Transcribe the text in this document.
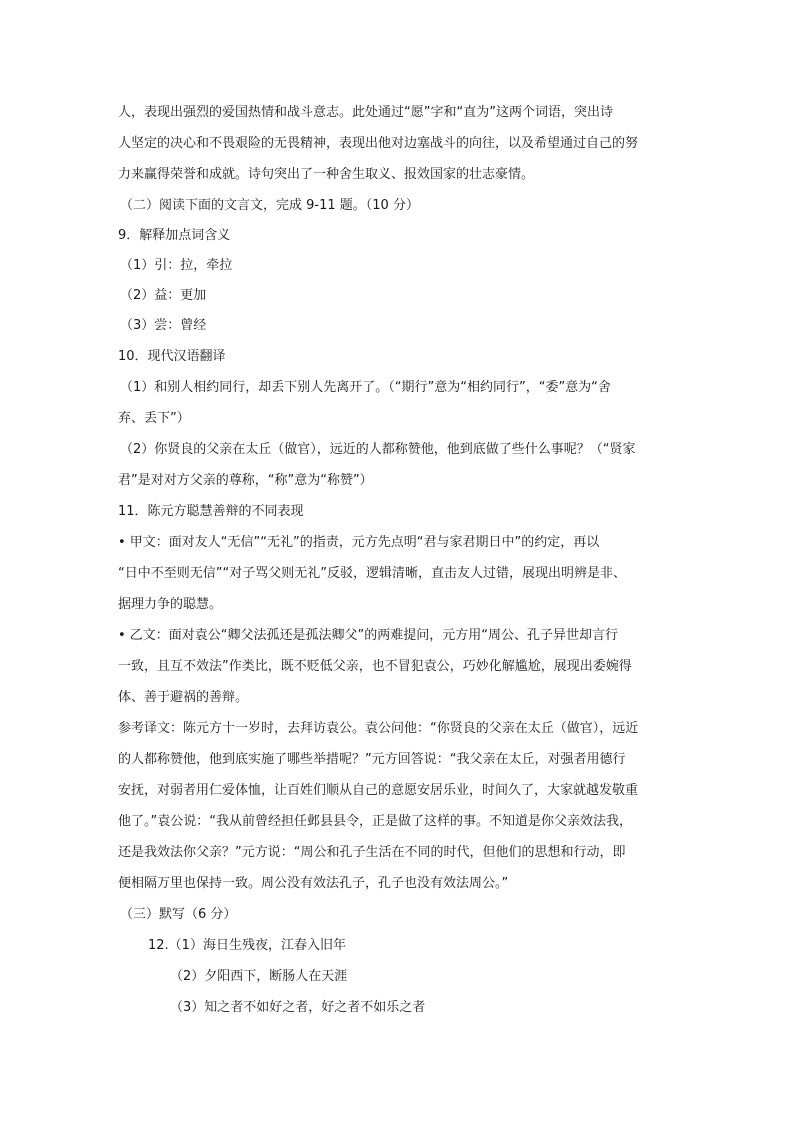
人，表现出强烈的爱国热情和战斗意志。此处通过“愿”字和“直为”这两个词语，突出诗
人坚定的决心和不畏艰险的无畏精神，表现出他对边塞战斗的向往，以及希望通过自己的努
力来赢得荣誉和成就。诗句突出了一种舍生取义、报效国家的壮志豪情。
（二）阅读下面的文言文，完成 9-11 题。（10 分）
9．解释加点词含义
（1）引：拉，牵拉
（2）益：更加
（3）尝：曾经
10．现代汉语翻译
（1）和别人相约同行，却丢下别人先离开了。（“期行”意为“相约同行”，“委”意为“舍
弃、丢下”）
（2）你贤良的父亲在太丘（做官），远近的人都称赞他，他到底做了些什么事呢？（“贤家
君”是对对方父亲的尊称，“称”意为“称赞”）
11．陈元方聪慧善辩的不同表现
• 甲文：面对友人“无信”“无礼”的指责，元方先点明“君与家君期日中”的约定，再以
“日中不至则无信”“对子骂父则无礼”反驳，逻辑清晰，直击友人过错，展现出明辨是非、
据理力争的聪慧。
• 乙文：面对袁公“卿父法孤还是孤法卿父”的两难提问，元方用“周公、孔子异世却言行
一致，且互不效法”作类比，既不贬低父亲，也不冒犯袁公，巧妙化解尴尬，展现出委婉得
体、善于避祸的善辩。
参考译文：陈元方十一岁时，去拜访袁公。袁公问他：“你贤良的父亲在太丘（做官），远近
的人都称赞他，他到底实施了哪些举措呢？”元方回答说：“我父亲在太丘，对强者用德行
安抚，对弱者用仁爱体恤，让百姓们顺从自己的意愿安居乐业，时间久了，大家就越发敬重
他了。”袁公说：“我从前曾经担任邺县县令，正是做了这样的事。不知道是你父亲效法我，
还是我效法你父亲？”元方说：“周公和孔子生活在不同的时代，但他们的思想和行动，即
便相隔万里也保持一致。周公没有效法孔子，孔子也没有效法周公。”
（三）默写（6 分）
12.（1）海日生残夜，江春入旧年
（2）夕阳西下，断肠人在天涯
（3）知之者不如好之者，好之者不如乐之者
